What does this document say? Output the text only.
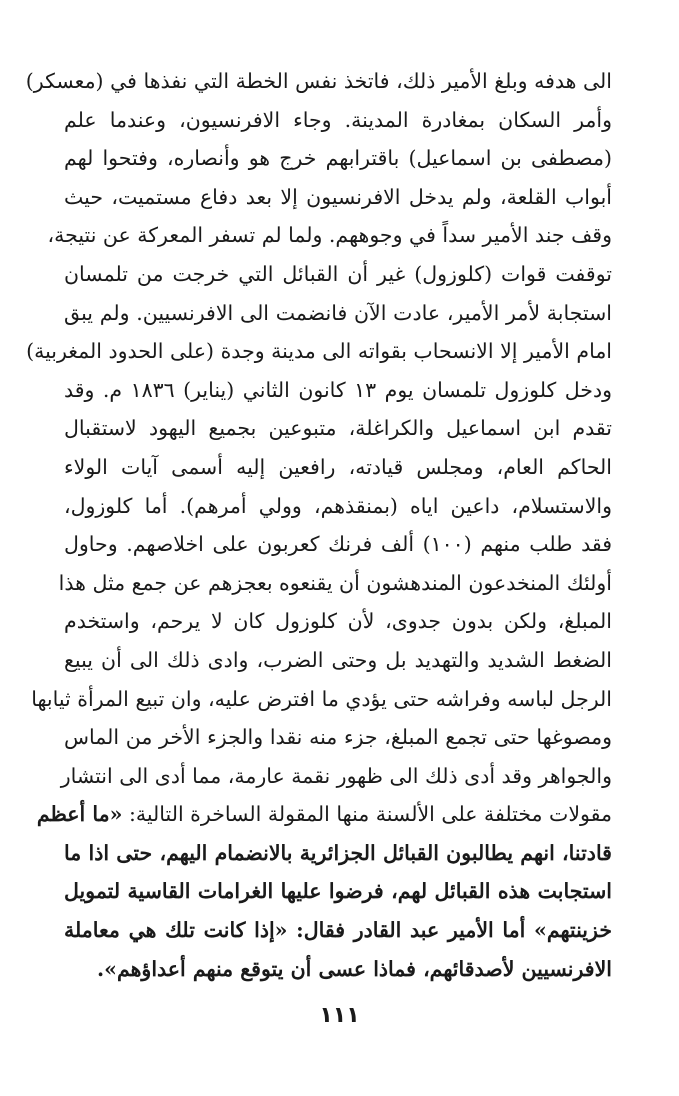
الى هدفه وبلغ الأمير ذلك، فاتخذ نفس الخطة التي نفذها في (معسكر)
وأمر السكان بمغادرة المدينة. وجاء الافرنسيون، وعندما علم
(مصطفى بن اسماعيل) باقترابهم خرج هو وأنصاره، وفتحوا لهم
أبواب القلعة، ولم يدخل الافرنسيون إلا بعد دفاع مستميت، حيث
وقف جند الأمير سداً في وجوههم. ولما لم تسفر المعركة عن نتيجة،
توقفت قوات (كلوزول) غير أن القبائل التي خرجت من تلمسان
استجابة لأمر الأمير، عادت الآن فانضمت الى الافرنسيين. ولم يبق
امام الأمير إلا الانسحاب بقواته الى مدينة وجدة (على الحدود المغربية)
ودخل كلوزول تلمسان يوم ١٣ كانون الثاني (يناير) ١٨٣٦ م. وقد
تقدم ابن اسماعيل والكراغلة، متبوعين بجميع اليهود لاستقبال
الحاكم العام، ومجلس قيادته، رافعين إليه أسمى آيات الولاء
والاستسلام، داعين اياه (بمنقذهم، وولي أمرهم). أما كلوزول،
فقد طلب منهم (١٠٠) ألف فرنك كعربون على اخلاصهم. وحاول
أولئك المنخدعون المندهشون أن يقنعوه بعجزهم عن جمع مثل هذا
المبلغ، ولكن بدون جدوى، لأن كلوزول كان لا يرحم، واستخدم
الضغط الشديد والتهديد بل وحتى الضرب، وادى ذلك الى أن يبيع
الرجل لباسه وفراشه حتى يؤدي ما افترض عليه، وان تبيع المرأة ثيابها
ومصوغها حتى تجمع المبلغ، جزء منه نقدا والجزء الأخر من الماس
والجواهر وقد أدى ذلك الى ظهور نقمة عارمة، مما أدى الى انتشار
مقولات مختلفة على الألسنة منها المقولة الساخرة التالية: «ما أعظم
قادتنا، انهم يطالبون القبائل الجزائرية بالانضمام اليهم، حتى اذا ما
استجابت هذه القبائل لهم، فرضوا عليها الغرامات القاسية لتمويل
خزينتهم» أما الأمير عبد القادر فقال: «إذا كانت تلك هي معاملة
الافرنسيين لأصدقائهم، فماذا عسى أن يتوقع منهم أعداؤهم».
١١١
